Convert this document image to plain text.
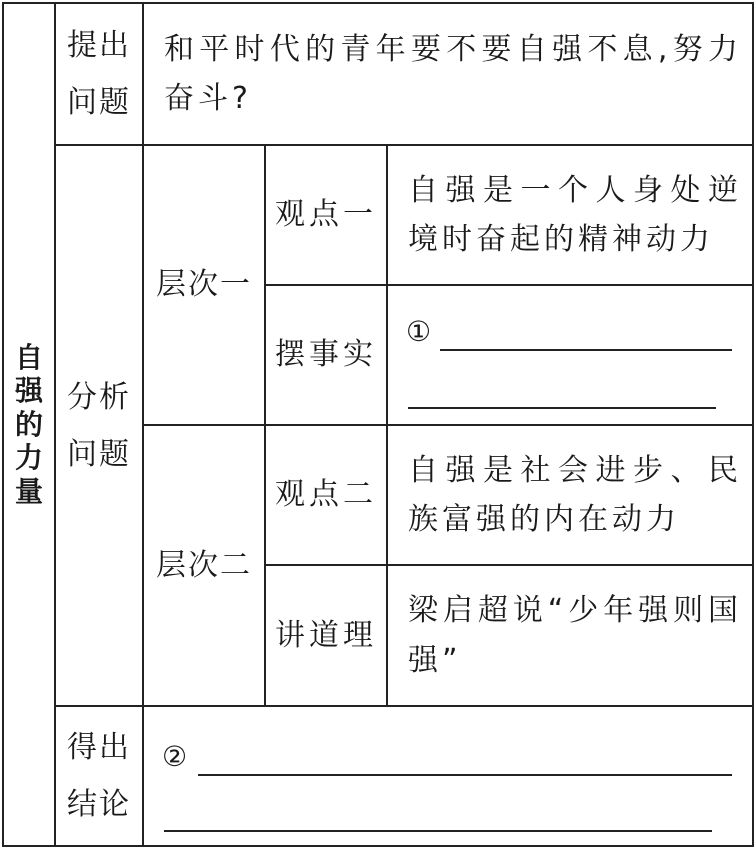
自强的力量	提出问题	和平时代的青年要不要自强不息,努力奋斗?		
	分析问题	层次一	观点一	自强是一个人身处逆境时奋起的精神动力
			摆事实	①

		层次二	观点二	自强是社会进步、民族富强的内在动力
			讲道理	梁启超说“少年强则国强”
	得出结论	②		
